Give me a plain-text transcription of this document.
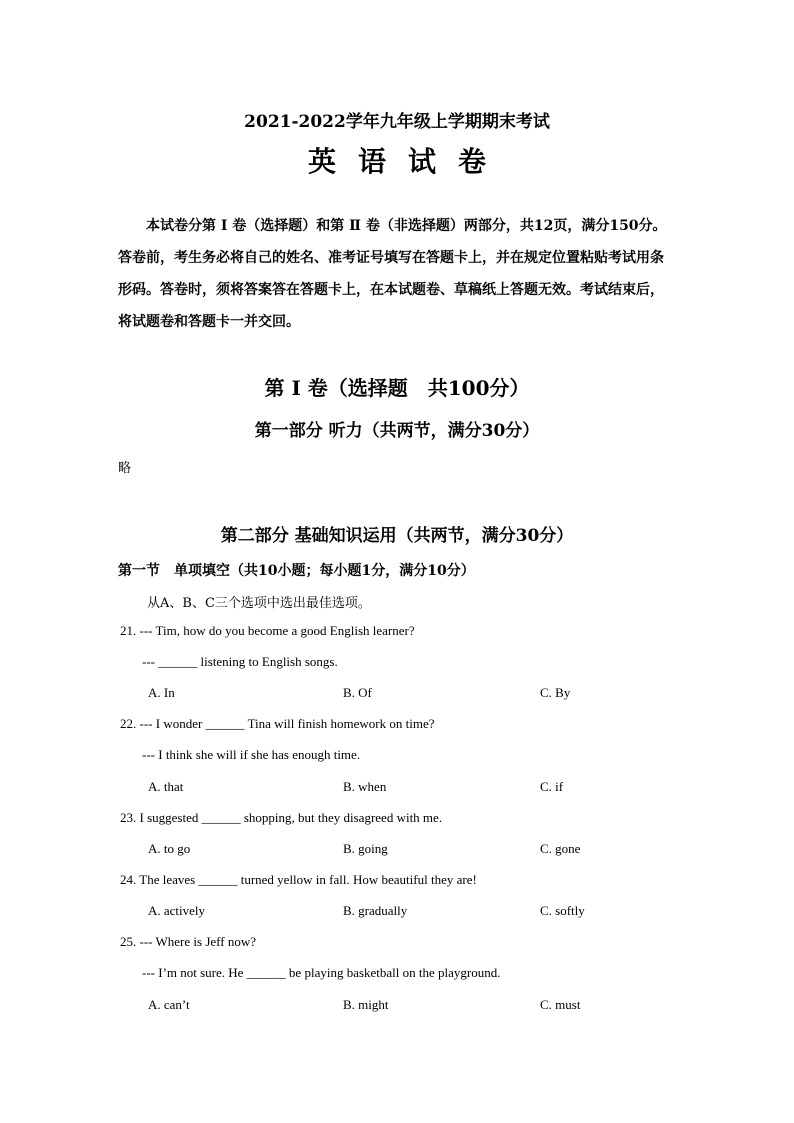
2021-2022学年九年级上学期期末考试
英语试卷

本试卷分第 Ⅰ 卷（选择题）和第 Ⅱ 卷（非选择题）两部分，共12页，满分150分。

答卷前，考生务必将自己的姓名、准考证号填写在答题卡上，并在规定位置粘贴考试用条

形码。答卷时，须将答案答在答题卡上，在本试题卷、草稿纸上答题无效。考试结束后，

将试题卷和答题卡一并交回。

第 Ⅰ 卷（选择题　共100分）
第一部分 听力（共两节，满分30分）
略
第二部分 基础知识运用（共两节，满分30分）
第一节　单项填空（共10小题；每小题1分，满分10分）
从A、B、C三个选项中选出最佳选项。
21. --- Tim, how do you become a good English learner?
--- ______ listening to English songs.
A. In	B. Of	C. By
22. --- I wonder ______ Tina will finish homework on time?
--- I think she will if she has enough time.
A. that	B. when	C. if
23. I suggested ______ shopping, but they disagreed with me.
A. to go	B. going	C. gone
24. The leaves ______ turned yellow in fall. How beautiful they are!
A. actively	B. gradually	C. softly
25. --- Where is Jeff now?
--- I’m not sure. He ______ be playing basketball on the playground.
A. can’t	B. might	C. must
